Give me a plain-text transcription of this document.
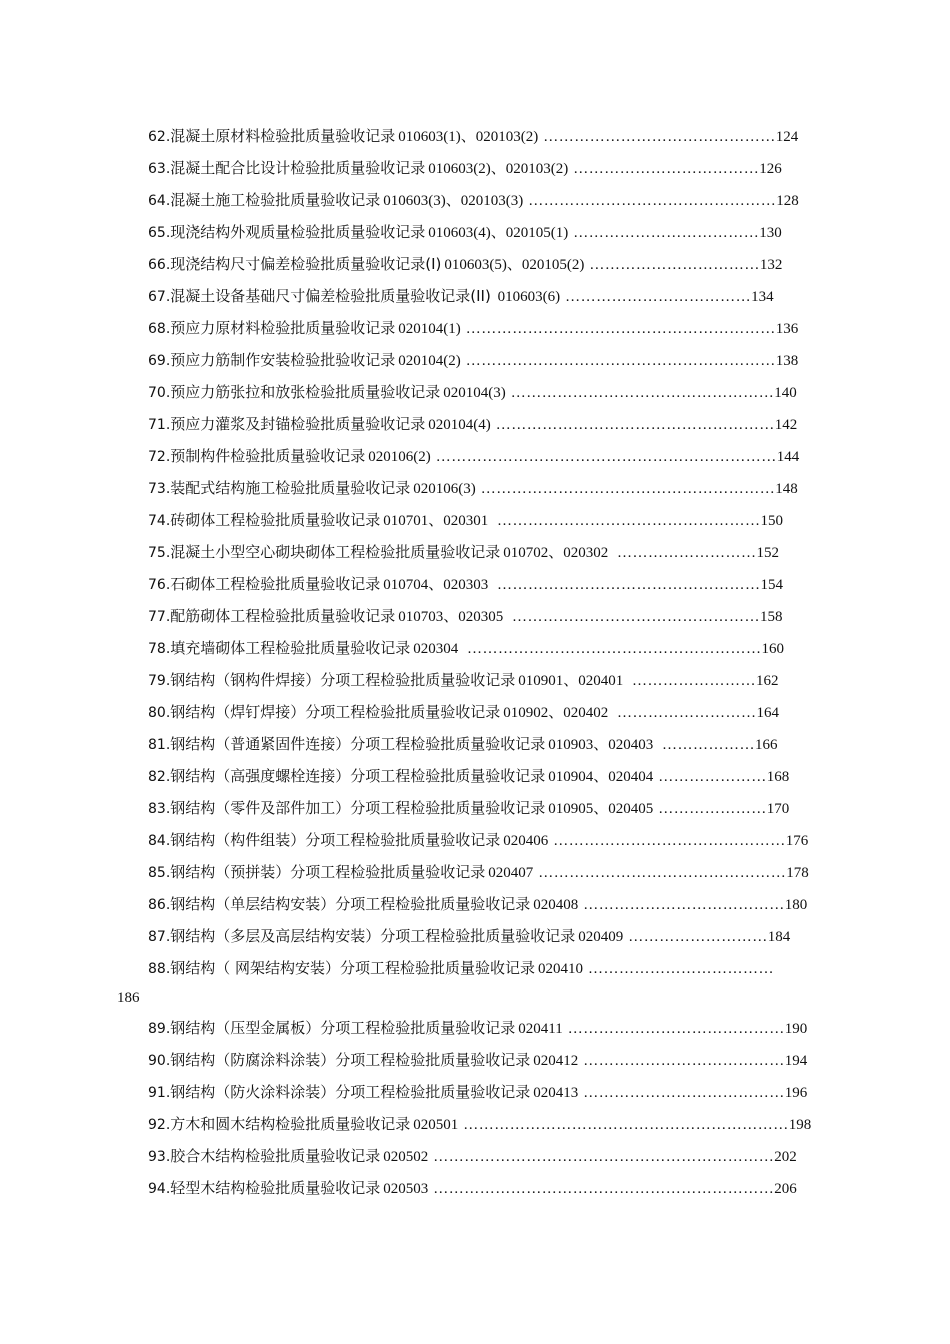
62.混凝土原材料检验批质量验收记录 010603(1)、020103(2) ………………………………………124
63.混凝土配合比设计检验批质量验收记录 010603(2)、020103(2) ………………………………126
64.混凝土施工检验批质量验收记录 010603(3)、020103(3) …………………………………………128
65.现浇结构外观质量检验批质量验收记录 010603(4)、020105(1) ………………………………130
66.现浇结构尺寸偏差检验批质量验收记录(I) 010603(5)、020105(2) ……………………………132
67.混凝土设备基础尺寸偏差检验批质量验收记录(II) 010603(6) ………………………………134
68.预应力原材料检验批质量验收记录 020104(1) ……………………………………………………136
69.预应力筋制作安装检验批验收记录 020104(2) ……………………………………………………138
70.预应力筋张拉和放张检验批质量验收记录 020104(3) ……………………………………………140
71.预应力灌浆及封锚检验批质量验收记录 020104(4) ………………………………………………142
72.预制构件检验批质量验收记录 020106(2) …………………………………………………………144
73.装配式结构施工检验批质量验收记录 020106(3) …………………………………………………148
74.砖砌体工程检验批质量验收记录 010701、020301 ……………………………………………150
75.混凝土小型空心砌块砌体工程检验批质量验收记录 010702、020302 ………………………152
76.石砌体工程检验批质量验收记录 010704、020303 ……………………………………………154
77.配筋砌体工程检验批质量验收记录 010703、020305 …………………………………………158
78.填充墙砌体工程检验批质量验收记录 020304 …………………………………………………160
79.钢结构（钢构件焊接）分项工程检验批质量验收记录 010901、020401 ……………………162
80.钢结构（焊钉焊接）分项工程检验批质量验收记录 010902、020402 ………………………164
81.钢结构（普通紧固件连接）分项工程检验批质量验收记录 010903、020403 ………………166
82.钢结构（高强度螺栓连接）分项工程检验批质量验收记录 010904、020404 …………………168
83.钢结构（零件及部件加工）分项工程检验批质量验收记录 010905、020405 …………………170
84.钢结构（构件组装）分项工程检验批质量验收记录 020406 ………………………………………176
85.钢结构（预拼装）分项工程检验批质量验收记录 020407 …………………………………………178
86.钢结构（单层结构安装）分项工程检验批质量验收记录 020408 …………………………………180
87.钢结构（多层及高层结构安装）分项工程检验批质量验收记录 020409 ………………………184
88.钢结构（ 网架结构安装）分项工程检验批质量验收记录 020410 ………………………………
89.钢结构（压型金属板）分项工程检验批质量验收记录 020411 ……………………………………190
90.钢结构（防腐涂料涂装）分项工程检验批质量验收记录 020412 …………………………………194
91.钢结构（防火涂料涂装）分项工程检验批质量验收记录 020413 …………………………………196
92.方木和圆木结构检验批质量验收记录 020501 ………………………………………………………198
93.胶合木结构检验批质量验收记录 020502 …………………………………………………………202
94.轻型木结构检验批质量验收记录 020503 …………………………………………………………206
186
